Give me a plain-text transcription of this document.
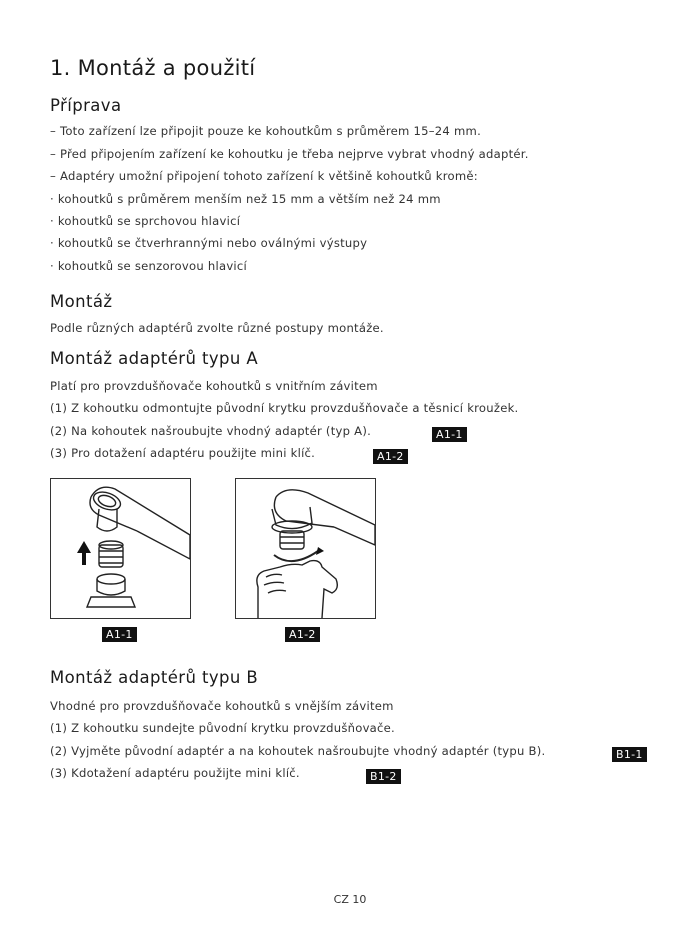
1. Montáž a použití
Příprava
– Toto zařízení lze připojit pouze ke kohoutkům s průměrem 15–24 mm.
– Před připojením zařízení ke kohoutku je třeba nejprve vybrat vhodný adaptér.
– Adaptéry umožní připojení tohoto zařízení k většině kohoutků kromě:
· kohoutků s průměrem menším než 15 mm a větším než 24 mm
· kohoutků se sprchovou hlavicí
· kohoutků se čtverhrannými nebo oválnými výstupy
· kohoutků se senzorovou hlavicí
Montáž
Podle různých adaptérů zvolte různé postupy montáže.
Montáž adaptérů typu A
Platí pro provzdušňovače kohoutků s vnitřním závitem
(1) Z kohoutku odmontujte původní krytku provzdušňovače a těsnicí kroužek.
(2) Na kohoutek našroubujte vhodný adaptér (typ A).	A1-1
(3) Pro dotažení adaptéru použijte mini klíč.	A1-2
A1-1	A1-2
Montáž adaptérů typu B
Vhodné pro provzdušňovače kohoutků s vnějším závitem
(1) Z kohoutku sundejte původní krytku provzdušňovače.
(2) Vyjměte původní adaptér a na kohoutek našroubujte vhodný adaptér (typu B).	B1-1
(3) Kdotažení adaptéru použijte mini klíč.	B1-2
CZ 10
